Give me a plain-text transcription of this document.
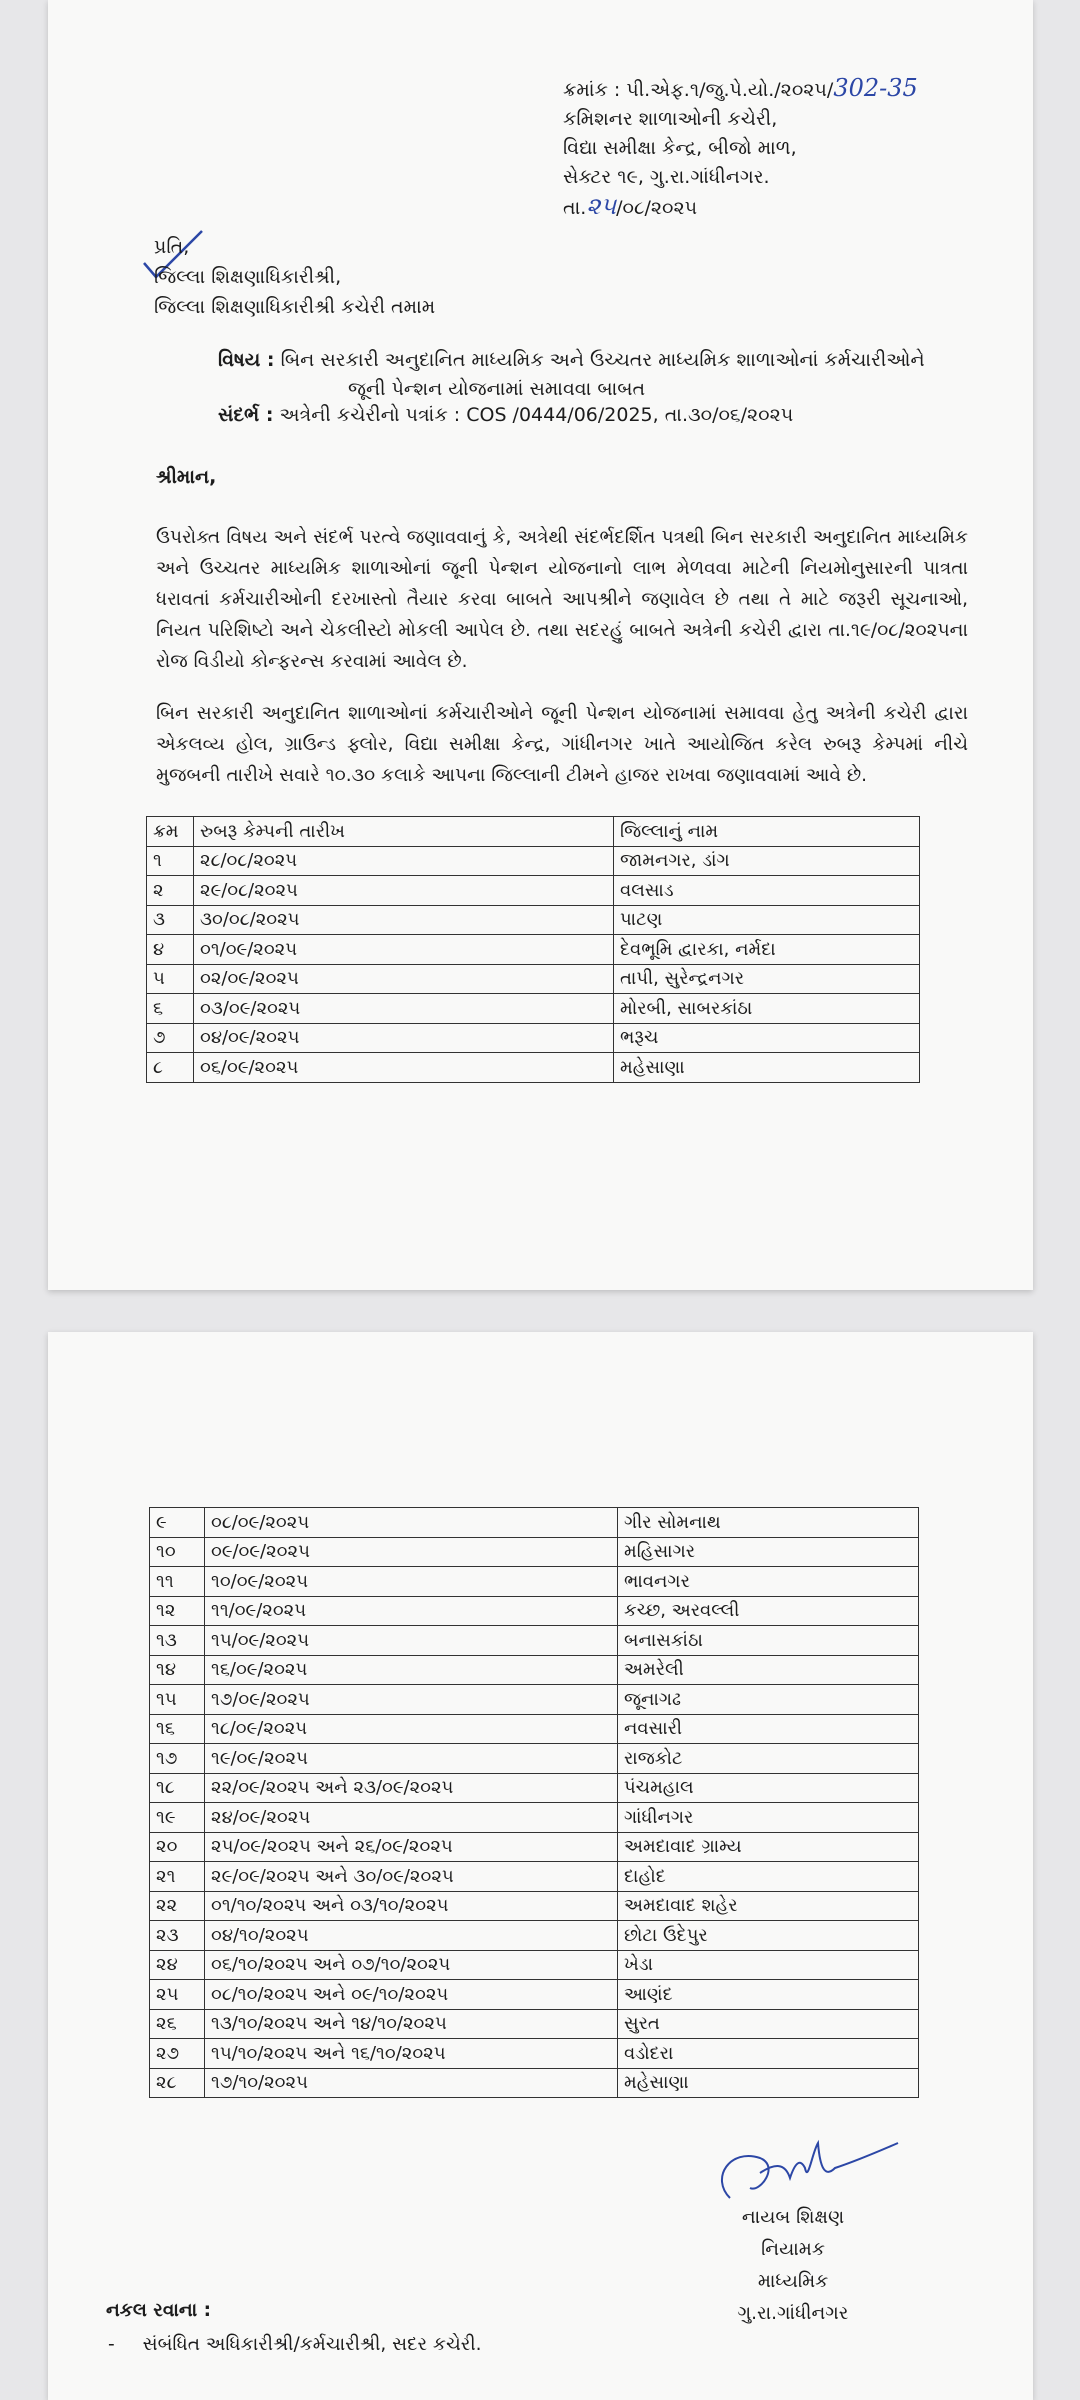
ક્રમાંક : પી.એફ.૧/જુ.પે.યો./૨૦૨૫/302-35
કમિશનર શાળાઓની કચેરી,
વિદ્યા સમીક્ષા કેન્દ્ર, બીજો માળ,
સેક્ટર ૧૯, ગુ.રા.ગાંધીનગર.
તા.૨૫/૦૮/૨૦૨૫
પ્રતિ,
જિલ્લા શિક્ષણાધિકારીશ્રી,
જિલ્લા શિક્ષણાધિકારીશ્રી કચેરી તમામ
વિષય : બિન સરકારી અનુદાનિત માધ્યમિક અને ઉચ્ચતર માધ્યમિક શાળાઓનાં કર્મચારીઓને
જૂની પેન્શન યોજનામાં સમાવવા બાબત
સંદર્ભ : અત્રેની કચેરીનો પત્રાંક : COS /0444/06/2025, તા.૩૦/૦૬/૨૦૨૫
શ્રીમાન,
ઉપરોક્ત વિષય અને સંદર્ભ પરત્વે જણાવવાનું કે, અત્રેથી સંદર્ભદર્શિત પત્રથી બિન સરકારી અનુદાનિત માધ્યમિક અને ઉચ્ચતર માધ્યમિક શાળાઓનાં જૂની પેન્શન યોજનાનો લાભ મેળવવા માટેની નિયમોનુસારની પાત્રતા ધરાવતાં કર્મચારીઓની દરખાસ્તો તૈયાર કરવા બાબતે આપશ્રીને જણાવેલ છે તથા તે માટે જરૂરી સૂચનાઓ, નિયત પરિશિષ્ટો અને ચેકલીસ્ટો મોકલી આપેલ છે. તથા સદરહું બાબતે અત્રેની કચેરી દ્વારા તા.૧૯/૦૮/૨૦૨૫ના રોજ વિડીયો કોન્ફરન્સ કરવામાં આવેલ છે.
બિન સરકારી અનુદાનિત શાળાઓનાં કર્મચારીઓને જૂની પેન્શન યોજનામાં સમાવવા હેતુ અત્રેની કચેરી દ્વારા એકલવ્ય હોલ, ગ્રાઉન્ડ ફ્લોર, વિદ્યા સમીક્ષા કેન્દ્ર, ગાંધીનગર ખાતે આયોજિત કરેલ રુબરૂ કેમ્પમાં નીચે મુજબની તારીખે સવારે ૧૦.૩૦ કલાકે આપના જિલ્લાની ટીમને હાજર રાખવા જણાવવામાં આવે છે.
ક્રમ	રુબરૂ કેમ્પની તારીખ	જિલ્લાનું નામ
૧	૨૮/૦૮/૨૦૨૫	જામનગર, ડાંગ
૨	૨૯/૦૮/૨૦૨૫	વલસાડ
૩	૩૦/૦૮/૨૦૨૫	પાટણ
૪	૦૧/૦૯/૨૦૨૫	દેવભૂમિ દ્વારકા, નર્મદા
૫	૦૨/૦૯/૨૦૨૫	તાપી, સુરેન્દ્રનગર
૬	૦૩/૦૯/૨૦૨૫	મોરબી, સાબરકાંઠા
૭	૦૪/૦૯/૨૦૨૫	ભરૂચ
૮	૦૬/૦૯/૨૦૨૫	મહેસાણા
૯	૦૮/૦૯/૨૦૨૫	ગીર સોમનાથ
૧૦	૦૯/૦૯/૨૦૨૫	મહિસાગર
૧૧	૧૦/૦૯/૨૦૨૫	ભાવનગર
૧૨	૧૧/૦૯/૨૦૨૫	કચ્છ, અરવલ્લી
૧૩	૧૫/૦૯/૨૦૨૫	બનાસકાંઠા
૧૪	૧૬/૦૯/૨૦૨૫	અમરેલી
૧૫	૧૭/૦૯/૨૦૨૫	જૂનાગઢ
૧૬	૧૮/૦૯/૨૦૨૫	નવસારી
૧૭	૧૯/૦૯/૨૦૨૫	રાજકોટ
૧૮	૨૨/૦૯/૨૦૨૫ અને ૨૩/૦૯/૨૦૨૫	પંચમહાલ
૧૯	૨૪/૦૯/૨૦૨૫	ગાંધીનગર
૨૦	૨૫/૦૯/૨૦૨૫ અને ૨૬/૦૯/૨૦૨૫	અમદાવાદ ગ્રામ્ય
૨૧	૨૯/૦૯/૨૦૨૫ અને ૩૦/૦૯/૨૦૨૫	દાહોદ
૨૨	૦૧/૧૦/૨૦૨૫ અને ૦૩/૧૦/૨૦૨૫	અમદાવાદ શહેર
૨૩	૦૪/૧૦/૨૦૨૫	છોટા ઉદેપુર
૨૪	૦૬/૧૦/૨૦૨૫ અને ૦૭/૧૦/૨૦૨૫	ખેડા
૨૫	૦૮/૧૦/૨૦૨૫ અને ૦૯/૧૦/૨૦૨૫	આણંદ
૨૬	૧૩/૧૦/૨૦૨૫ અને ૧૪/૧૦/૨૦૨૫	સુરત
૨૭	૧૫/૧૦/૨૦૨૫ અને ૧૬/૧૦/૨૦૨૫	વડોદરા
૨૮	૧૭/૧૦/૨૦૨૫	મહેસાણા
નાયબ શિક્ષણ નિયામક
માધ્યમિક
ગુ.રા.ગાંધીનગર
નકલ રવાના :
- સંબંધિત અધિકારીશ્રી/કર્મચારીશ્રી, સદર કચેરી.
